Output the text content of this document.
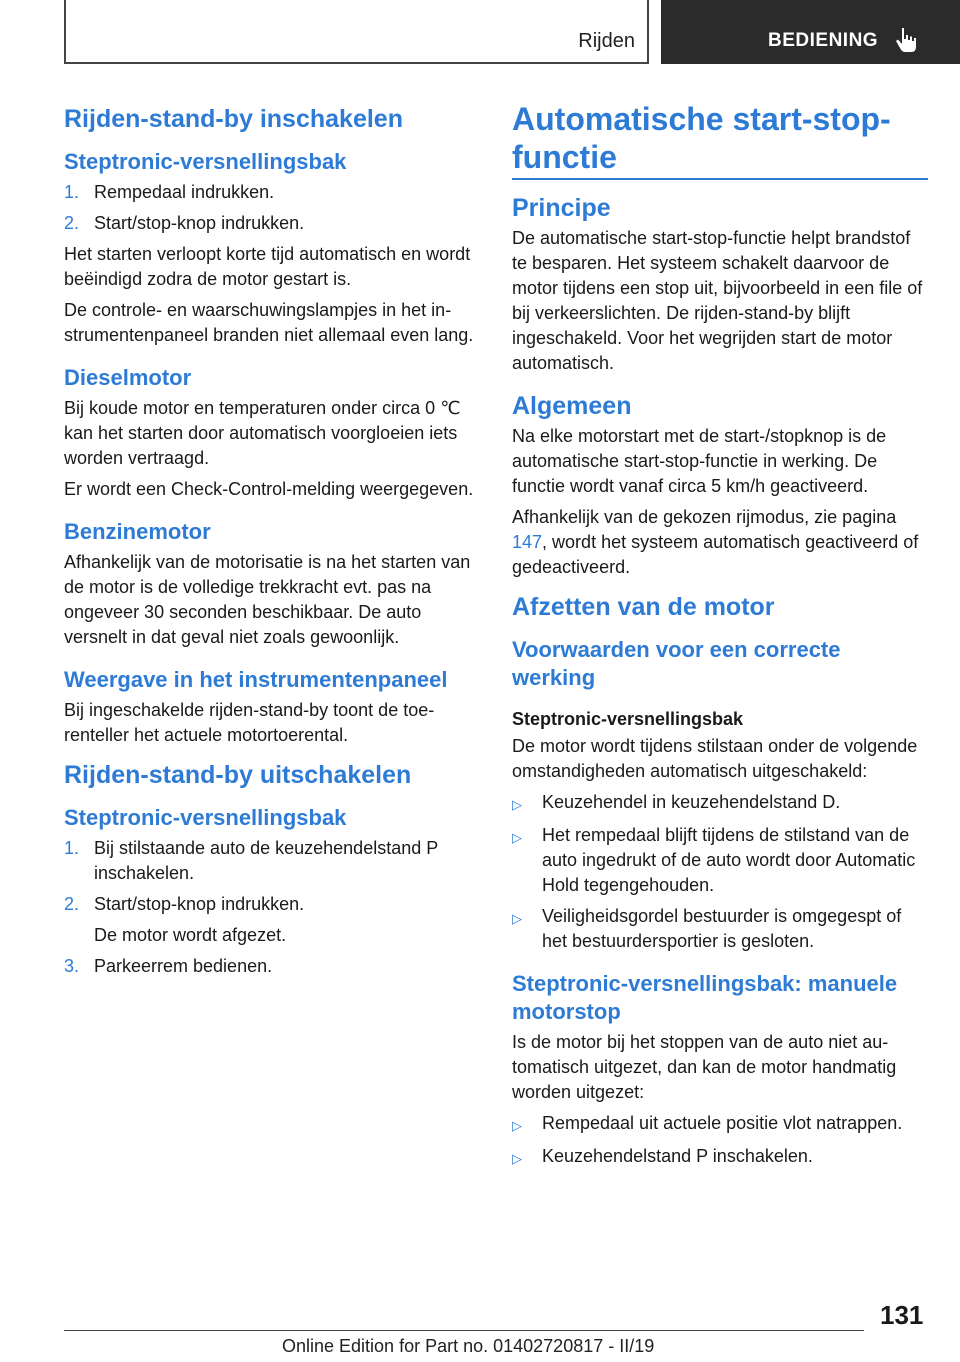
Rijden	BEDIENING
Rijden-stand-by inschakelen
Steptronic-versnellingsbak
1. Rempedaal indrukken.
2. Start/stop-knop indrukken.

Het starten verloopt korte tijd automatisch en wordt beëindigd zodra de motor gestart is.

De controle- en waarschuwingslampjes in het instrumentenpaneel branden niet allemaal even lang.

Dieselmotor

Bij koude motor en temperaturen onder circa 0 ℃ kan het starten door automatisch voorgloeien iets worden vertraagd.

Er wordt een Check-Control-melding weergegeven.

Benzinemotor

Afhankelijk van de motorisatie is na het starten van de motor is de volledige trekkracht evt. pas na ongeveer 30 seconden beschikbaar. De auto versnelt in dat geval niet zoals gewoonlijk.

Weergave in het instrumentenpaneel

Bij ingeschakelde rijden-stand-by toont de toerenteller het actuele motortoerental.

Rijden-stand-by uitschakelen
Steptronic-versnellingsbak
1. Bij stilstaande auto de keuzehendelstand P inschakelen.
2. Start/stop-knop indrukken.
De motor wordt afgezet.
3. Parkeerrem bedienen.
Automatische start-stop-functie
Principe

De automatische start-stop-functie helpt brandstof te besparen. Het systeem schakelt daarvoor de motor tijdens een stop uit, bijvoorbeeld in een file of bij verkeerslichten. De rijden-stand-by blijft ingeschakeld. Voor het wegrijden start de motor automatisch.

Algemeen

Na elke motorstart met de start-/stopknop is de automatische start-stop-functie in werking. De functie wordt vanaf circa 5 km/h geactiveerd.

Afhankelijk van de gekozen rijmodus, zie pagina 147, wordt het systeem automatisch geactiveerd of gedeactiveerd.

Afzetten van de motor
Voorwaarden voor een correcte werking
Steptronic-versnellingsbak

De motor wordt tijdens stilstaan onder de volgende omstandigheden automatisch uitgeschakeld:

▷	Keuzehendel in keuzehendelstand D.
▷	Het rempedaal blijft tijdens de stilstand van de auto ingedrukt of de auto wordt door Automatic Hold tegengehouden.
▷	Veiligheidsgordel bestuurder is omgegespt of het bestuurdersportier is gesloten.
Steptronic-versnellingsbak: manuele motorstop

Is de motor bij het stoppen van de auto niet automatisch uitgezet, dan kan de motor handmatig worden uitgezet:

▷	Rempedaal uit actuele positie vlot natrappen.
▷	Keuzehendelstand P inschakelen.
131
Online Edition for Part no. 01402720817 - II/19
